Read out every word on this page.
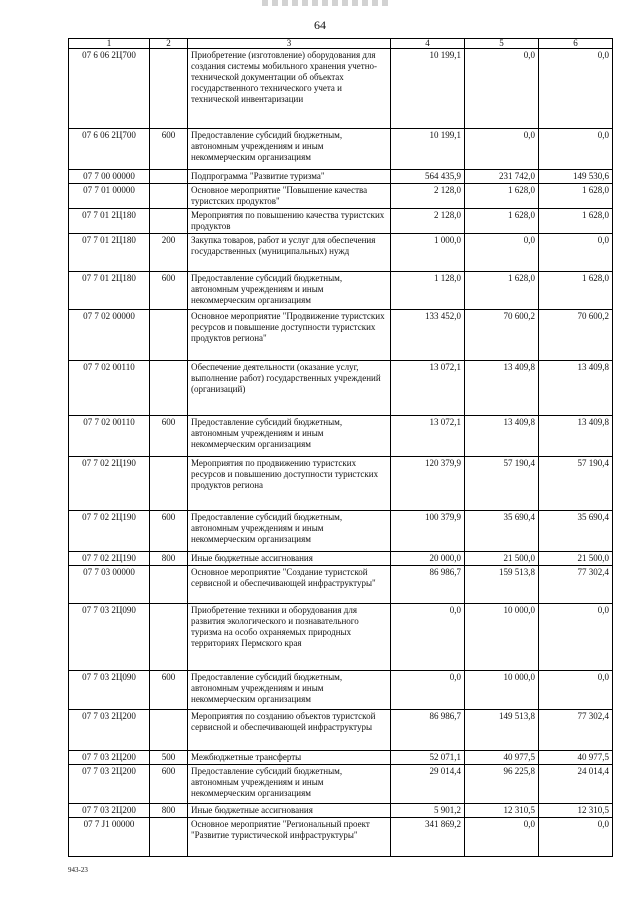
64
1	2	3	4	5	6
07 6 06 2Ц700		Приобретение (изготовление) оборудования для создания системы мобильного хранения учетно-технической документации об объектах государственного технического учета и технической инвентаризации	10 199,1	0,0	0,0
07 6 06 2Ц700	600	Предоставление субсидий бюджетным, автономным учреждениям и иным некоммерческим организациям	10 199,1	0,0	0,0
07 7 00 00000		Подпрограмма "Развитие туризма"	564 435,9	231 742,0	149 530,6
07 7 01 00000		Основное мероприятие "Повышение качества туристских продуктов"	2 128,0	1 628,0	1 628,0
07 7 01 2Ц180		Мероприятия по повышению качества туристских продуктов	2 128,0	1 628,0	1 628,0
07 7 01 2Ц180	200	Закупка товаров, работ и услуг для обеспечения государственных (муниципальных) нужд	1 000,0	0,0	0,0
07 7 01 2Ц180	600	Предоставление субсидий бюджетным, автономным учреждениям и иным некоммерческим организациям	1 128,0	1 628,0	1 628,0
07 7 02 00000		Основное мероприятие "Продвижение туристских ресурсов и повышение доступности туристских продуктов региона"	133 452,0	70 600,2	70 600,2
07 7 02 00110		Обеспечение деятельности (оказание услуг, выполнение работ) государственных учреждений (организаций)	13 072,1	13 409,8	13 409,8
07 7 02 00110	600	Предоставление субсидий бюджетным, автономным учреждениям и иным некоммерческим организациям	13 072,1	13 409,8	13 409,8
07 7 02 2Ц190		Мероприятия по продвижению туристских ресурсов и повышению доступности туристских продуктов региона	120 379,9	57 190,4	57 190,4
07 7 02 2Ц190	600	Предоставление субсидий бюджетным, автономным учреждениям и иным некоммерческим организациям	100 379,9	35 690,4	35 690,4
07 7 02 2Ц190	800	Иные бюджетные ассигнования	20 000,0	21 500,0	21 500,0
07 7 03 00000		Основное мероприятие "Создание туристской сервисной и обеспечивающей инфраструктуры"	86 986,7	159 513,8	77 302,4
07 7 03 2Ц090		Приобретение техники и оборудования для развития экологического и познавательного туризма на особо охраняемых природных территориях Пермского края	0,0	10 000,0	0,0
07 7 03 2Ц090	600	Предоставление субсидий бюджетным, автономным учреждениям и иным некоммерческим организациям	0,0	10 000,0	0,0
07 7 03 2Ц200		Мероприятия по созданию объектов туристской сервисной и обеспечивающей инфраструктуры	86 986,7	149 513,8	77 302,4
07 7 03 2Ц200	500	Межбюджетные трансферты	52 071,1	40 977,5	40 977,5
07 7 03 2Ц200	600	Предоставление субсидий бюджетным, автономным учреждениям и иным некоммерческим организациям	29 014,4	96 225,8	24 014,4
07 7 03 2Ц200	800	Иные бюджетные ассигнования	5 901,2	12 310,5	12 310,5
07 7 J1 00000		Основное мероприятие "Региональный проект "Развитие туристической инфраструктуры"	341 869,2	0,0	0,0
943-23
